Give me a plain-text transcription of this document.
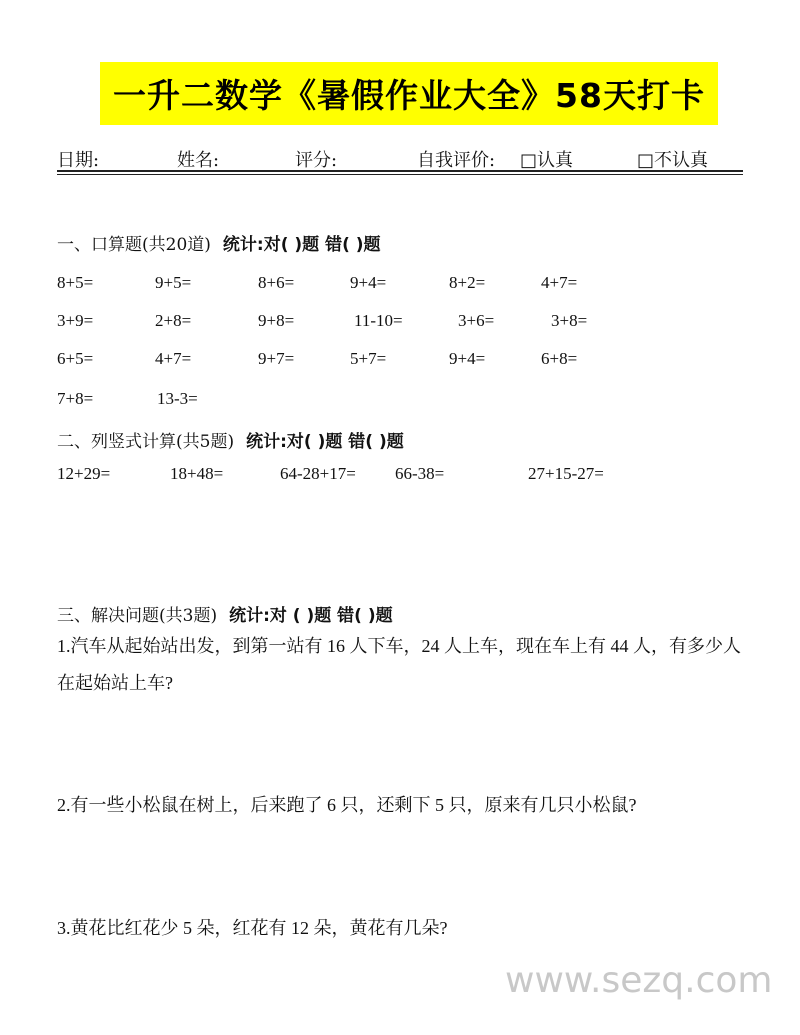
一升二数学《暑假作业大全》58天打卡
日期:	姓名:	评分:	自我评价: □认真	□不认真
一、口算题(共20道) 统计:对( )题 错( )题
8+5=	9+5=	8+6=	9+4=	8+2=	4+7=
3+9=	2+8=	9+8=	11-10=	3+6=	3+8=
6+5=	4+7=	9+7=	5+7=	9+4=	6+8=
7+8=	13-3=
二、列竖式计算(共5题) 统计:对( )题 错( )题
12+29=	18+48=	64-28+17= 66-38=	27+15-27=
三、解决问题(共3题) 统计:对 ( )题 错( )题
1.汽车从起始站出发，到第一站有 16 人下车，24 人上车，现在车上有 44 人，有多少人在起始站上车?
2.有一些小松鼠在树上，后来跑了 6 只，还剩下 5 只，原来有几只小松鼠?
3.黄花比红花少 5 朵，红花有 12 朵，黄花有几朵?
www.sezq.com
